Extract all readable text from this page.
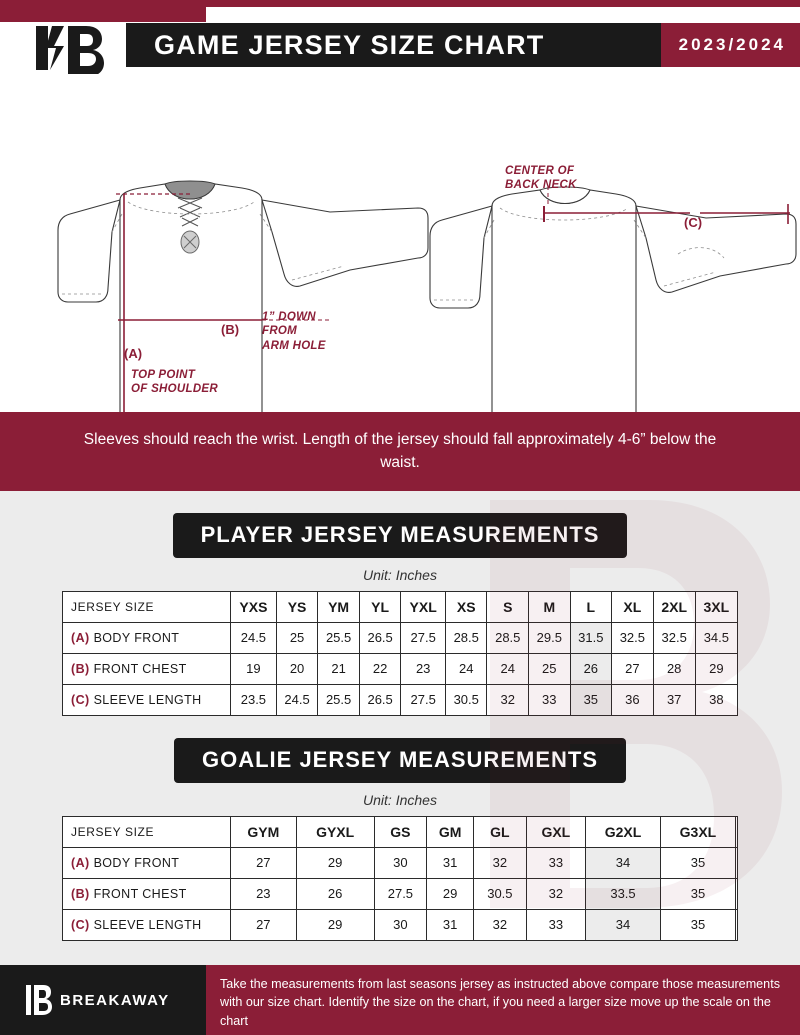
GAME JERSEY SIZE CHART	2023/2024
CENTER OF
BACK NECK
1” DOWN
FROM
ARM HOLE
TOP POINT
OF SHOULDER
(A)
(B)
(C)
Sleeves should reach the wrist. Length of the jersey should fall approximately 4-6” below the waist.
PLAYER JERSEY MEASUREMENTS
Unit: Inches
JERSEY SIZE	YXS	YS	YM	YL	YXL	XS	S	M	L	XL	2XL	3XL
(A) BODY FRONT	24.5	25	25.5	26.5	27.5	28.5	28.5	29.5	31.5	32.5	32.5	34.5
(B) FRONT CHEST	19	20	21	22	23	24	24	25	26	27	28	29
(C) SLEEVE LENGTH	23.5	24.5	25.5	26.5	27.5	30.5	32	33	35	36	37	38
GOALIE JERSEY MEASUREMENTS
Unit: Inches
JERSEY SIZE	GYM	GYXL	GS	GM	GL	GXL	G2XL	G3XL	
(A) BODY FRONT	27	29	30	31	32	33	34	35	
(B) FRONT CHEST	23	26	27.5	29	30.5	32	33.5	35	
(C) SLEEVE LENGTH	27	29	30	31	32	33	34	35	
BREAKAWAY
Take the measurements from last seasons jersey as instructed above compare those measurements with our size chart. Identify the size on the chart, if you need a larger size move up the scale on the chart
